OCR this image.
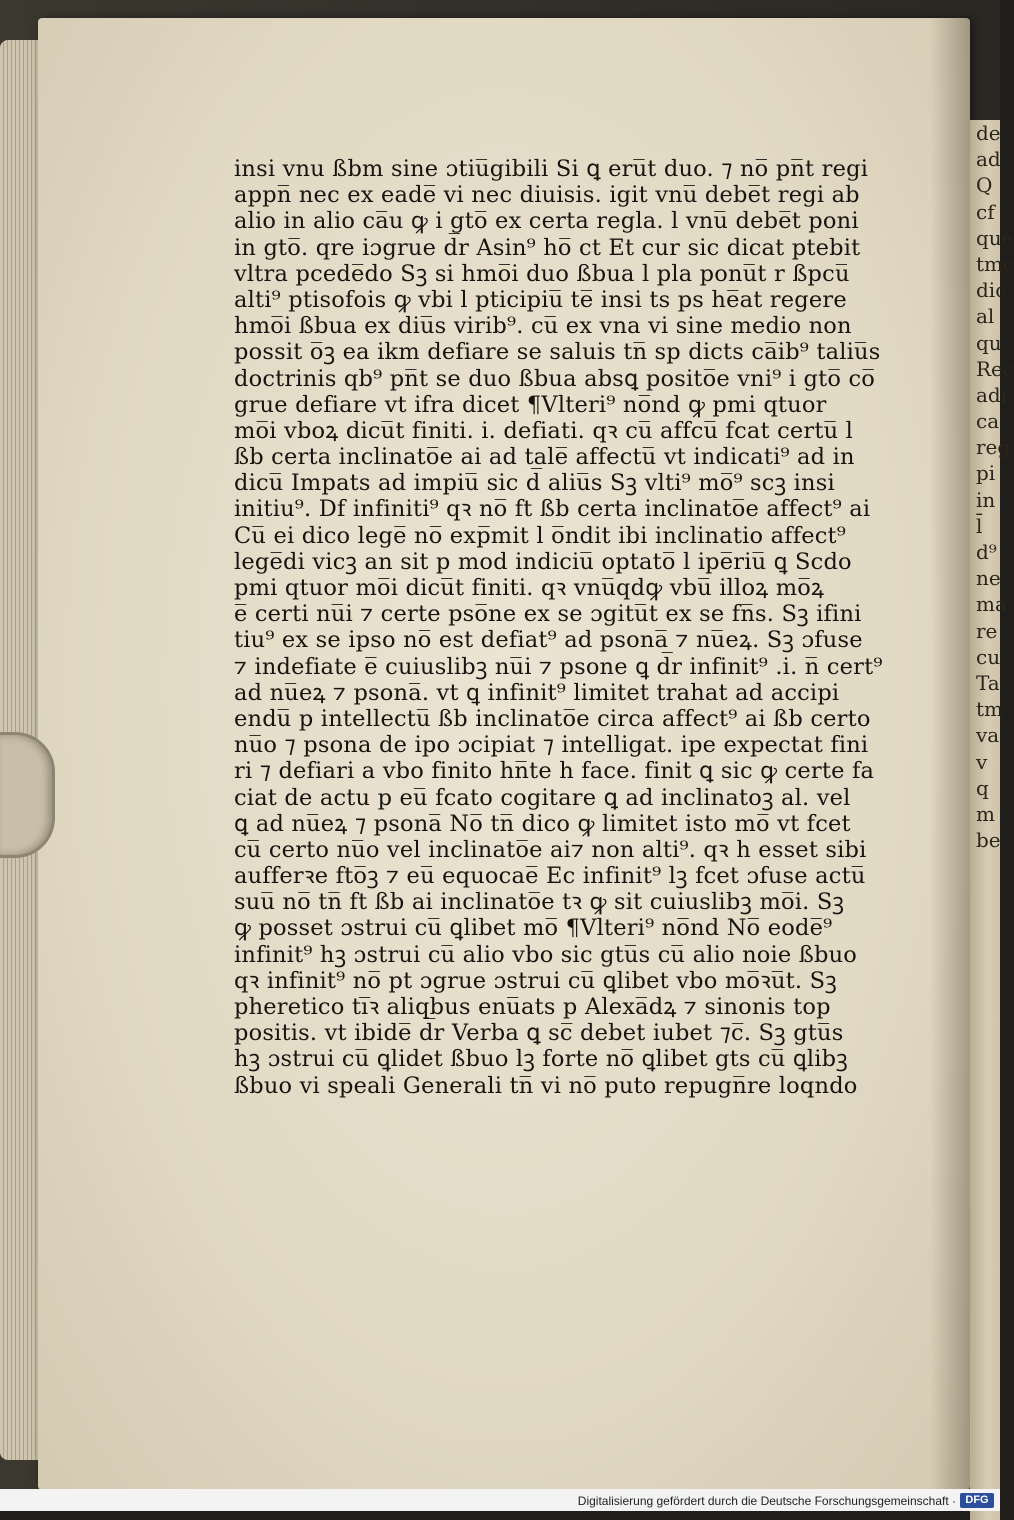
insi vnu ßbm sine ɔtiu̅gibili Si ꝗ eru̅t duo. ⁊ no̅ pn̅t regi
appn̅ nec ex eade̅ vi nec diuisis. igit vnu̅ debe̅t regi ab
alio in alio ca̅u ꝙ i gto̅ ex certa regla. l vnu̅ debe̅t poni
in gto̅. qre iɔgrue d̅r Asin⁹ ho̅ ct Et cur sic dicat ptebit
vltra pcede̅do Sꝫ si hmo̅i duo ßbua l pla ponu̅t r ßpcu̅
alti⁹ ptisofois ꝙ vbi l pticipiu̅ te̅ insi ts ps he̅at regere
hmo̅i ßbua ex diu̅s virib⁹. cu̅ ex vna vi sine medio non
possit o̅ꝫ ea ikm defiare se saluis tn̅ sp dicts ca̅ib⁹ taliu̅s
doctrinis qb⁹ pn̅t se duo ßbua absꝗ posito̅e vni⁹ i gto̅ co̅
grue defiare vt ifra dicet ¶Vlteri⁹ no̅nd ꝙ pmi qtuor
mo̅i vboꝝ dicu̅t finiti. i. defiati. qꝛ cu̅ affcu̅ fcat certu̅ l
ßb certa inclinato̅e ai ad tale̅ affectu̅ vt indicati⁹ ad in
dicu̅ Impats ad impiu̅ sic d̅ aliu̅s Sꝫ vlti⁹ mo̅⁹ scꝫ insi
initiu⁹. Df infiniti⁹ qꝛ no̅ ft ßb certa inclinato̅e affect⁹ ai
Cu̅ ei dico lege̅ no̅ exp̅mit l o̅ndit ibi inclinatio affect⁹
lege̅di vicꝫ an sit p mod indiciu̅ optato̅ l ipe̅riu̅ ꝗ Scdo
pmi qtuor mo̅i dicu̅t finiti. qꝛ vnu̅qdꝙ vbu̅ illoꝝ mo̅ꝝ
e̅ certi nu̅i ⁊ certe pso̅ne ex se ɔgitu̅t ex se fn̅s. Sꝫ ifini
tiu⁹ ex se ipso no̅ est defiat⁹ ad psona̅ ⁊ nu̅eꝝ. Sꝫ ɔfuse
⁊ indefiate e̅ cuiuslibꝫ nu̅i ⁊ psone ꝗ d̅r infinit⁹ .i. n̅ cert⁹
ad nu̅eꝝ ⁊ psona̅. vt ꝗ infinit⁹ limitet trahat ad accipi
endu̅ p intellectu̅ ßb inclinato̅e circa affect⁹ ai ßb certo
nu̅o ⁊ psona de ipo ɔcipiat ⁊ intelligat. ipe expectat fini
ri ⁊ defiari a vbo finito hn̅te h face. finit ꝗ sic ꝙ certe fa
ciat de actu p eu̅ fcato cogitare ꝗ ad inclinatoꝫ al. vel
ꝗ ad nu̅eꝝ ⁊ psona̅ No̅ tn̅ dico ꝙ limitet isto mo̅ vt fcet
cu̅ certo nu̅o vel inclinato̅e ai⁊ non alti⁹. qꝛ h esset sibi
aufferꝛe fto̅ꝫ ⁊ eu̅ equocae̅ Ec infinit⁹ lꝫ fcet ɔfuse actu̅
suu̅ no̅ tn̅ ft ßb ai inclinato̅e tꝛ ꝙ sit cuiuslibꝫ mo̅i. Sꝫ
ꝙ posset ɔstrui cu̅ ꝗlibet mo̅ ¶Vlteri⁹ no̅nd No̅ eode̅⁹
infinit⁹ hꝫ ɔstrui cu̅ alio vbo sic gtu̅s cu̅ alio noie ßbuo
qꝛ infinit⁹ no̅ pt ɔgrue ɔstrui cu̅ ꝗlibet vbo mo̅ꝛu̅t. Sꝫ
pheretico ti̅ꝛ aliqbus enu̅ats p Alexa̅dꝝ ⁊ sinonis top
positis. vt ibide̅ d̅r Verba ꝗ sc̅ debet iubet ⁊c̅. Sꝫ gtu̅s
hꝫ ɔstrui cu̅ ꝗlidet ßbuo lꝫ forte no̅ ꝗlibet gts cu̅ ꝗlibꝫ
ßbuo vi speali Generali tn̅ vi no̅ puto repugn̅re loqndo
de
ad
Q
cf
que
tmc
dic
al
qu
Rec
adi
ca
reg
pi
in
l̄
d⁹
ne
ma
re
cu
Ta
tm
va
v
q
m
be
Digitalisierung gefördert durch die Deutsche Forschungsgemeinschaft · DFG
